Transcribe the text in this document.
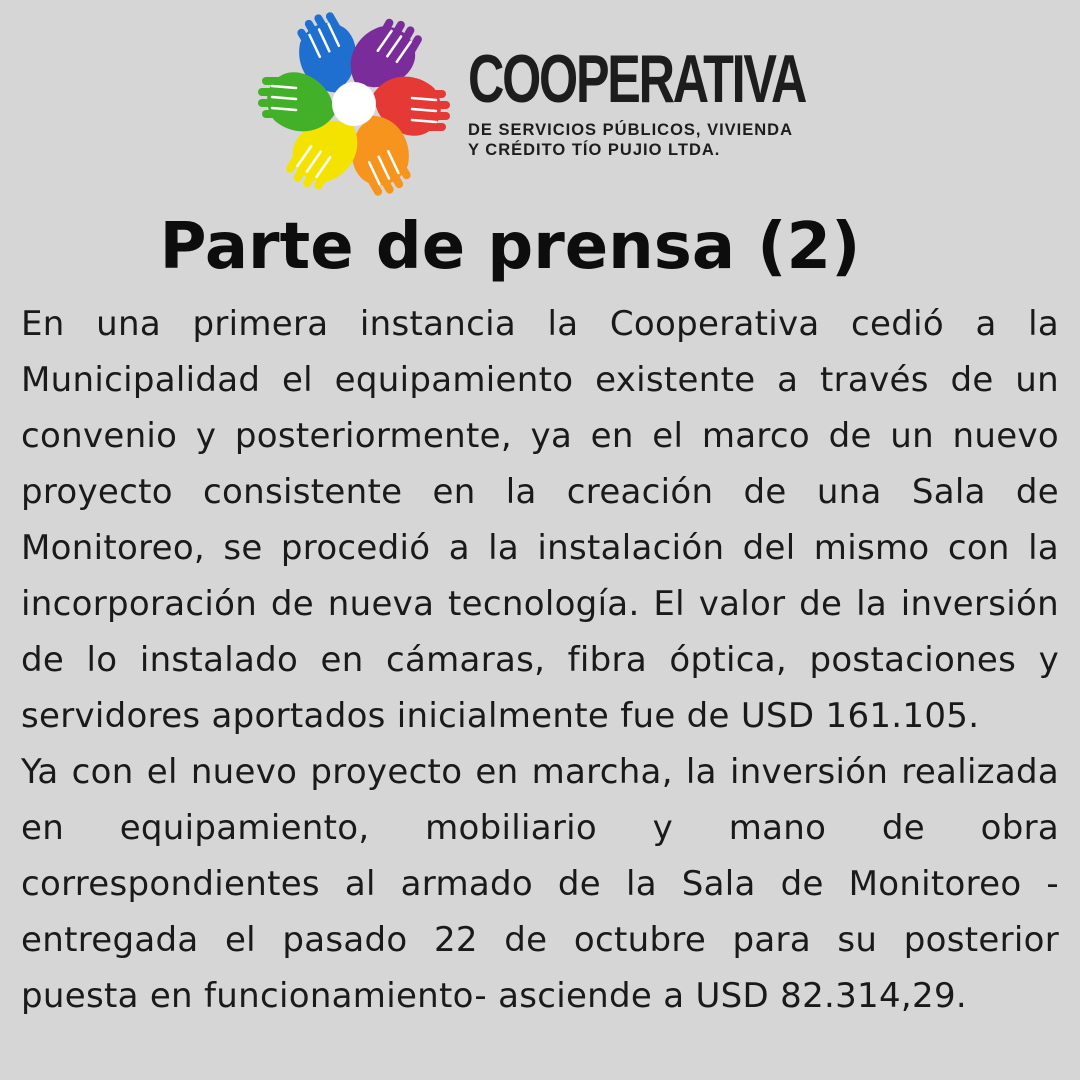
COOPERATIVA
DE SERVICIOS PÚBLICOS, VIVIENDA
Y CRÉDITO TÍO PUJIO LTDA.
Parte de prensa (2)

En una primera instancia la Cooperativa cedió a la Municipalidad el equipamiento existente a través de un convenio y posteriormente, ya en el marco de un nuevo proyecto consistente en la creación de una Sala de Monitoreo, se procedió a la instalación del mismo con la incorporación de nueva tecnología. El valor de la inversión de lo instalado en cámaras, fibra óptica, postaciones y servidores aportados inicialmente fue de USD 161.105.

Ya con el nuevo proyecto en marcha, la inversión realizada en equipamiento, mobiliario y mano de obra correspondientes al armado de la Sala de Monitoreo -entregada el pasado 22 de octubre para su posterior puesta en funcionamiento- asciende a USD 82.314,29.
